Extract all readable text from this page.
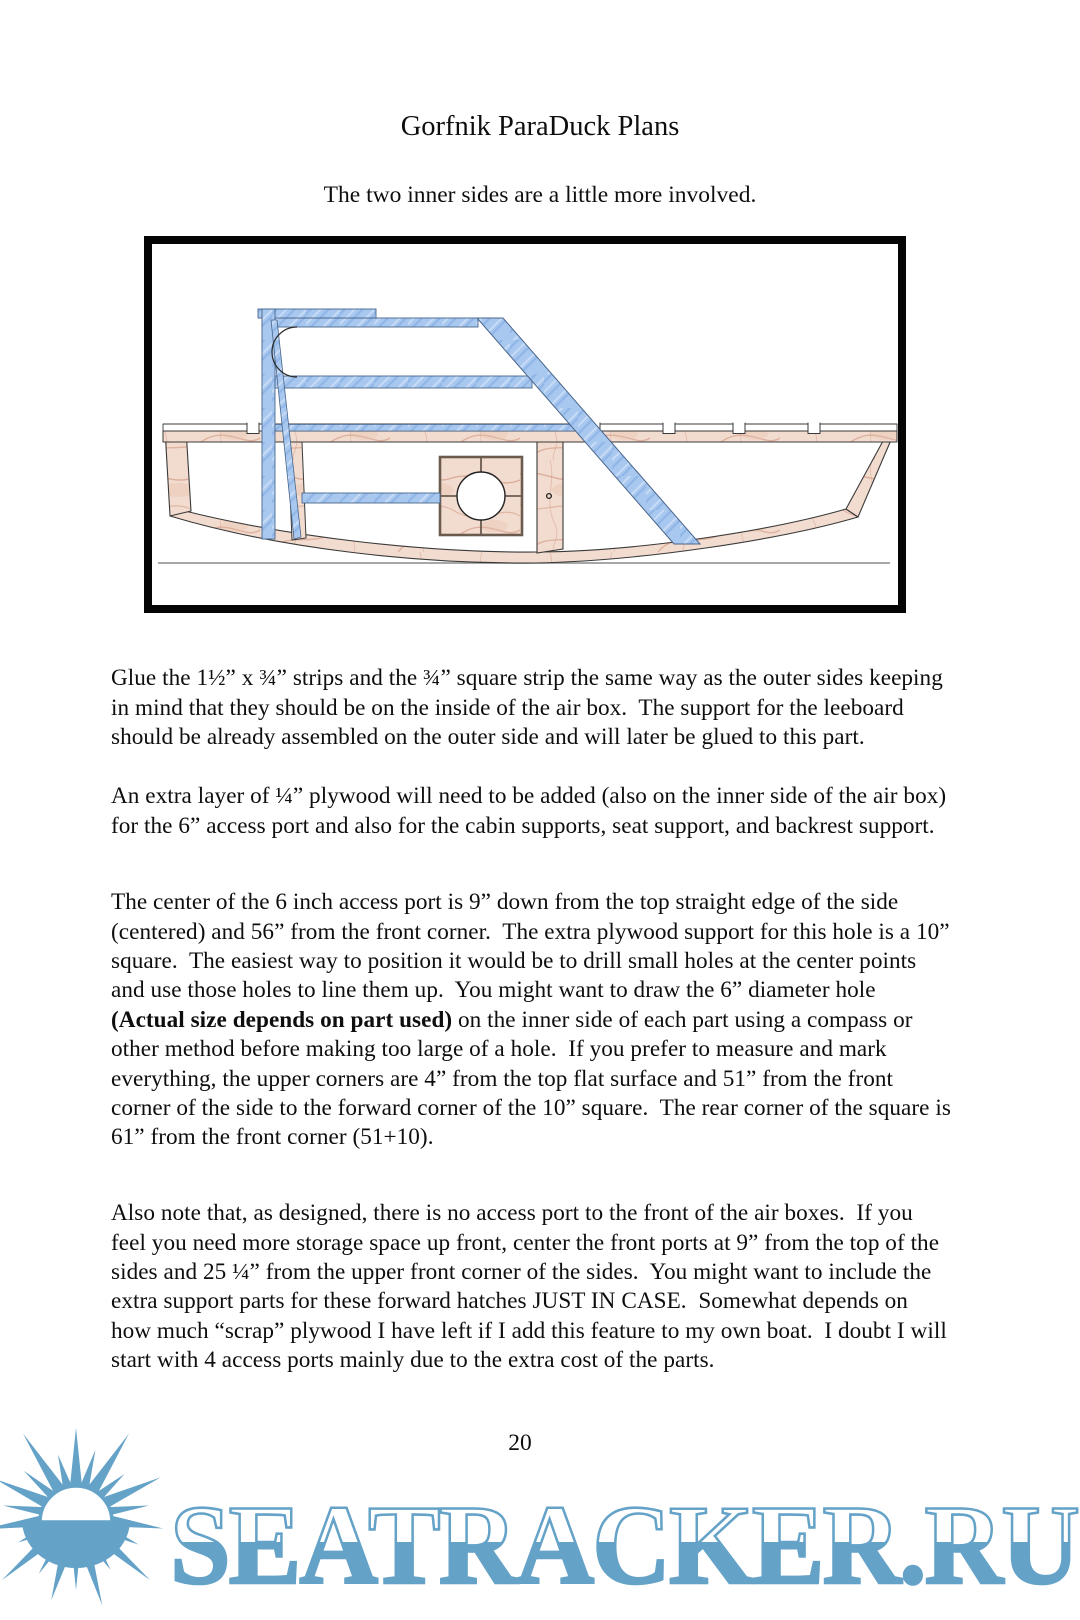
Gorfnik ParaDuck Plans
The two inner sides are a little more involved.

Glue the 1½” x ¾” strips and the ¾” square strip the same way as the outer sides keeping in mind that they should be on the inside of the air box.  The support for the leeboard should be already assembled on the outer side and will later be glued to this part.

An extra layer of ¼” plywood will need to be added (also on the inner side of the air box) for the 6” access port and also for the cabin supports, seat support, and backrest support.

The center of the 6 inch access port is 9” down from the top straight edge of the side (centered) and 56” from the front corner.  The extra plywood support for this hole is a 10” square.  The easiest way to position it would be to drill small holes at the center points and use those holes to line them up.  You might want to draw the 6” diameter hole (Actual size depends on part used) on the inner side of each part using a compass or other method before making too large of a hole.  If you prefer to measure and mark everything, the upper corners are 4” from the top flat surface and 51” from the front corner of the side to the forward corner of the 10” square.  The rear corner of the square is 61” from the front corner (51+10).

Also note that, as designed, there is no access port to the front of the air boxes.  If you feel you need more storage space up front, center the front ports at 9” from the top of the sides and 25 ¼” from the upper front corner of the sides.  You might want to include the extra support parts for these forward hatches JUST IN CASE.  Somewhat depends on how much “scrap” plywood I have left if I add this feature to my own boat.  I doubt I will start with 4 access ports mainly due to the extra cost of the parts.

20
SEATRACKER.RU
